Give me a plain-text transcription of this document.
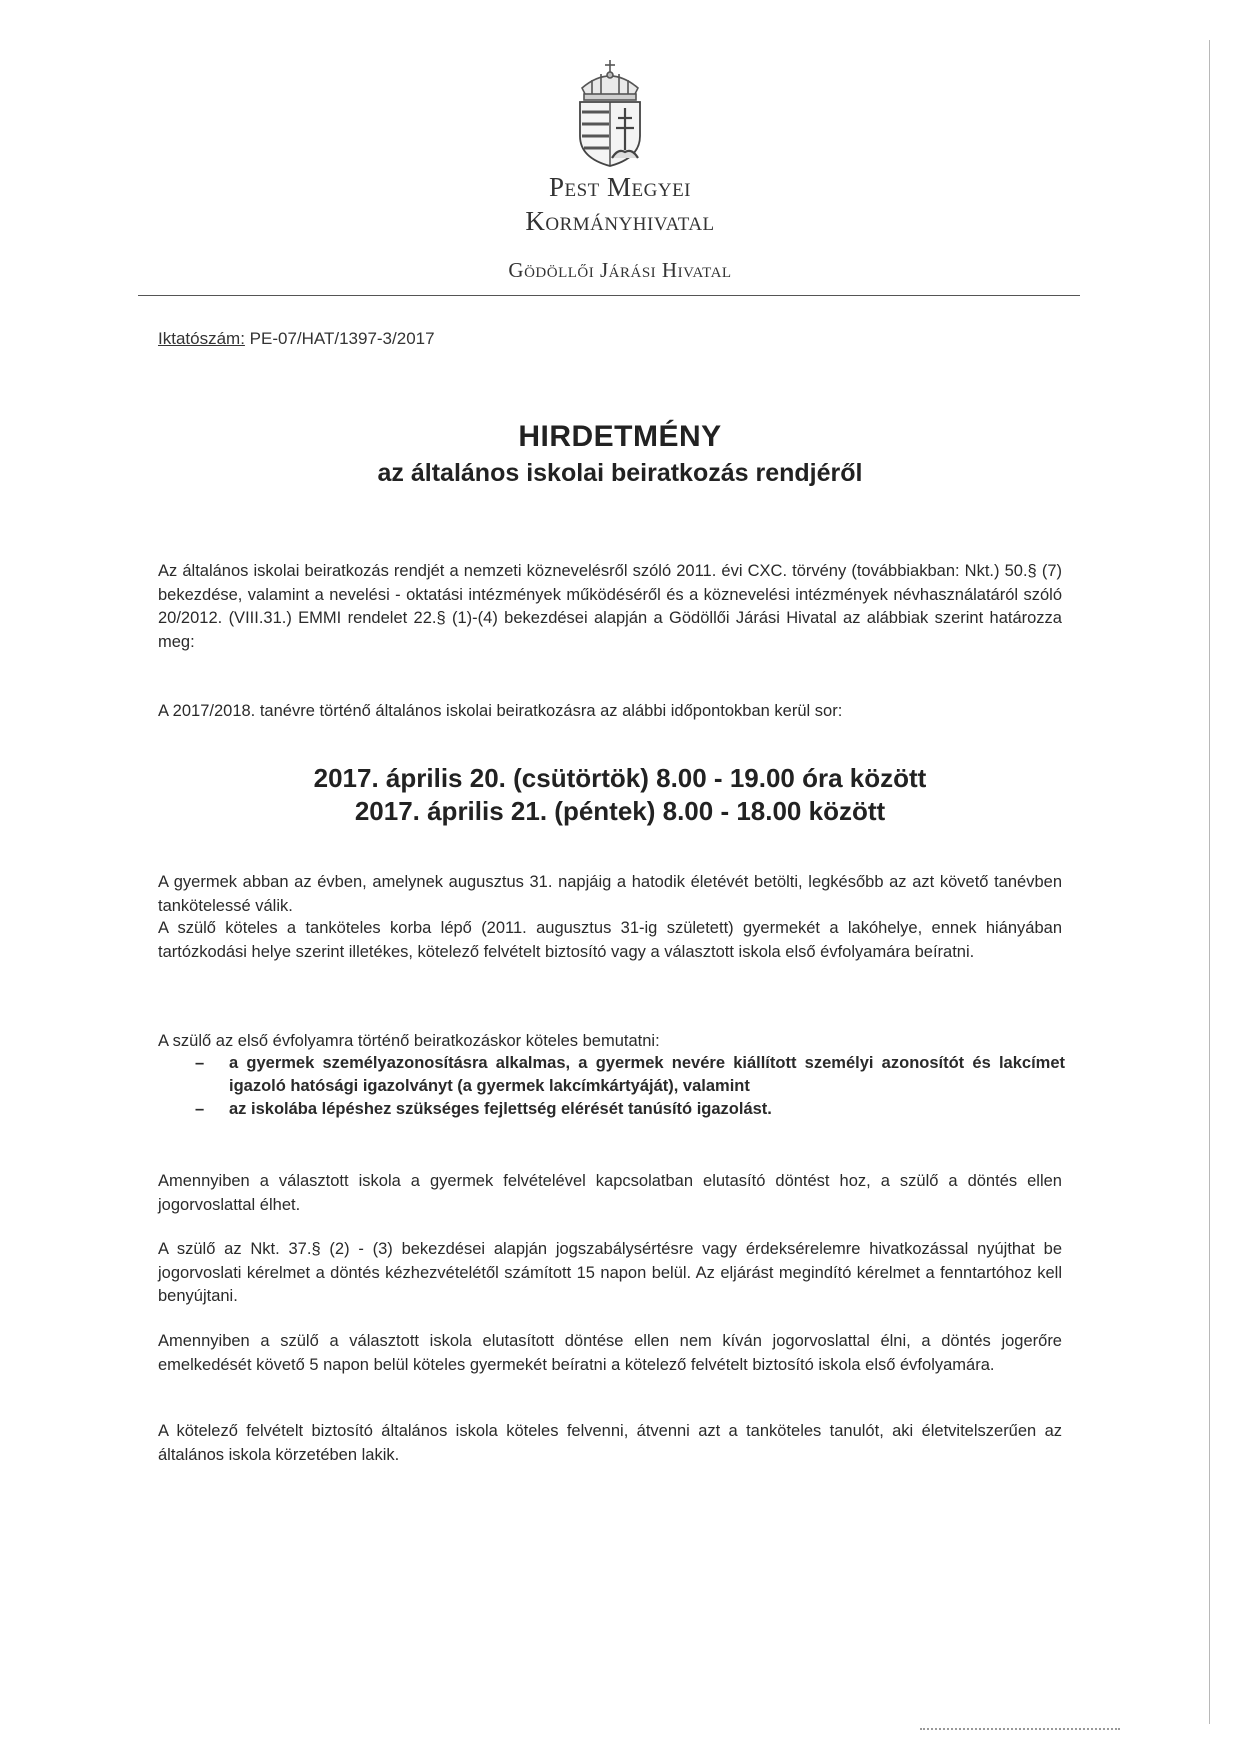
Pest Megyei
Kormányhivatal
Gödöllői Járási Hivatal
Iktatószám: PE-07/HAT/1397-3/2017
HIRDETMÉNY
az általános iskolai beiratkozás rendjéről
Az általános iskolai beiratkozás rendjét a nemzeti köznevelésről szóló 2011. évi CXC. törvény (továbbiakban: Nkt.) 50.§ (7) bekezdése, valamint a nevelési - oktatási intézmények működéséről és a köznevelési intézmények névhasználatáról szóló 20/2012. (VIII.31.) EMMI rendelet 22.§ (1)-(4) bekezdései alapján a Gödöllői Járási Hivatal az alábbiak szerint határozza meg:
A 2017/2018. tanévre történő általános iskolai beiratkozásra az alábbi időpontokban kerül sor:
2017. április 20. (csütörtök) 8.00 - 19.00 óra között
2017. április 21. (péntek) 8.00 - 18.00 között
A gyermek abban az évben, amelynek augusztus 31. napjáig a hatodik életévét betölti, legkésőbb az azt követő tanévben tankötelessé válik.
A szülő köteles a tanköteles korba lépő (2011. augusztus 31-ig született) gyermekét a lakóhelye, ennek hiányában tartózkodási helye szerint illetékes, kötelező felvételt biztosító vagy a választott iskola első évfolyamára beíratni.
A szülő az első évfolyamra történő beiratkozáskor köteles bemutatni:
– a gyermek személyazonosításra alkalmas, a gyermek nevére kiállított személyi azonosítót és lakcímet igazoló hatósági igazolványt (a gyermek lakcímkártyáját), valamint
– az iskolába lépéshez szükséges fejlettség elérését tanúsító igazolást.
Amennyiben a választott iskola a gyermek felvételével kapcsolatban elutasító döntést hoz, a szülő a döntés ellen jogorvoslattal élhet.
A szülő az Nkt. 37.§ (2) - (3) bekezdései alapján jogszabálysértésre vagy érdeksérelemre hivatkozással nyújthat be jogorvoslati kérelmet a döntés kézhezvételétől számított 15 napon belül. Az eljárást megindító kérelmet a fenntartóhoz kell benyújtani.
Amennyiben a szülő a választott iskola elutasított döntése ellen nem kíván jogorvoslattal élni, a döntés jogerőre emelkedését követő 5 napon belül köteles gyermekét beíratni a kötelező felvételt biztosító iskola első évfolyamára.
A kötelező felvételt biztosító általános iskola köteles felvenni, átvenni azt a tanköteles tanulót, aki életvitelszerűen az általános iskola körzetében lakik.
